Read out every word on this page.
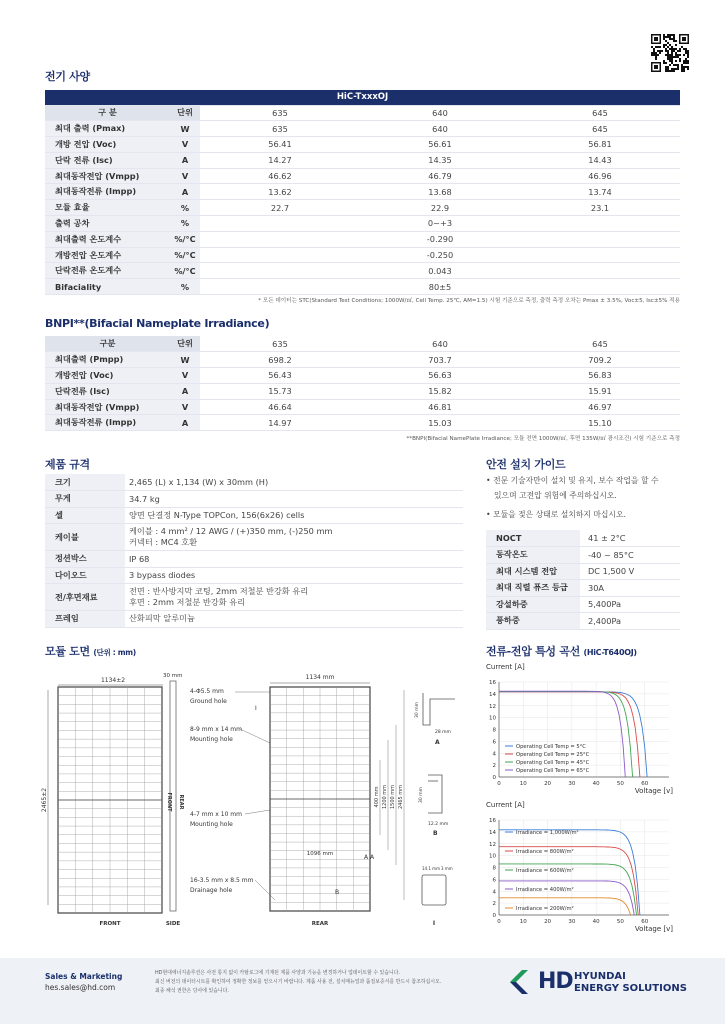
전기 사양
HiC-TxxxOJ				
구 분	단위	635	640	645
최대 출력 (Pmax)	W	635	640	645
개방 전압 (Voc)	V	56.41	56.61	56.81
단락 전류 (Isc)	A	14.27	14.35	14.43
최대동작전압 (Vmpp)	V	46.62	46.79	46.96
최대동작전류 (Impp)	A	13.62	13.68	13.74
모듈 효율	%	22.7	22.9	23.1
출력 공차	%	0~+3		
최대출력 온도계수	%/°C	-0.290		
개방전압 온도계수	%/°C	-0.250		
단락전류 온도계수	%/°C	0.043		
Bifaciality	%	80±5		
* 모든 데이터는 STC(Standard Test Conditions; 1000W/㎡, Cell Temp. 25℃, AM=1.5) 시험 기준으로 측정, 출력 측정 오차는 Pmax ± 3.5%, Voc±5, Isc±5% 적용
BNPI**(Bifacial Nameplate Irradiance)
구분	단위	635	640	645
최대출력 (Pmpp)	W	698.2	703.7	709.2
개방전압 (Voc)	V	56.43	56.63	56.83
단락전류 (Isc)	A	15.73	15.82	15.91
최대동작전압 (Vmpp)	V	46.64	46.81	46.97
최대동작전류 (Impp)	A	14.97	15.03	15.10
**BNPI(Bifacial NamePlate Irradiance; 모듈 전면 1000W/㎡, 후면 135W/㎡ 광시조건) 시험 기준으로 측정
제품 규격
크기	2,465 (L) x 1,134 (W) x 30mm (H)

무게	34.7 kg

셀	양면 단결정 N-Type TOPCon, 156(6x26) cells

케이블	케이블 : 4 mm² / 12 AWG / (+)350 mm, (-)250 mm
커넥터 : MC4 호환

정션박스	IP 68

다이오드	3 bypass diodes

전/후면재료	전면 : 반사방지막 코팅, 2mm 저철분 반강화 유리
후면 : 2mm 저철분 반강화 유리

프레임	산화피막 알루미늄
안전 설치 가이드
• 전문 기술자만이 설치 및 유지, 보수 작업을 할 수
있으며 고전압 위험에 주의하십시오.
• 모듈을 젖은 상태로 설치하지 마십시오.
NOCT	41 ± 2°C
동작온도	-40 ~ 85°C
최대 시스템 전압	DC 1,500 V
최대 직렬 퓨즈 등급	30A
강설하중	5,400Pa
풍하중	2,400Pa
모듈 도면 (단위 : mm)
1134±2
2465±2
FRONT
30 mm
FRONT REAR
SIDE
1134 mm
REAR
1096 mm
I
A A
B
4-Φ5.5 mm
Ground hole
8-9 mm x 14 mm
Mounting hole
4-7 mm x 10 mm
Mounting hole
16-3.5 mm x 8.5 mm
Drainage hole
400 mm 1200 mm 1500 mm 2465 mm
30 mm
28 mm
A
30 mm
12.2 mm
B
14.1 mm 3 mm
I
전류-전압 특성 곡선 (HiC-T640OJ)
Current [A]
0
2
4
6
8
10
12
14
16
0	10	20	30	40	50	60
Voltage [v]
Operating Cell Temp = 5°C
Operating Cell Temp = 25°C
Operating Cell Temp = 45°C
Operating Cell Temp = 65°C
Current [A]
0
2
4
6
8
10
12
14
16
0	10	20	30	40	50	60
Voltage [v]
Irradiance = 1,000W/m²
Irradiance = 800W/m²
Irradiance = 600W/m²
Irradiance = 400W/m²
Irradiance = 200W/m²
Sales & Marketing
hes.sales@hd.com
HD현대에너지솔루션은 사전 통지 없이 카탈로그에 기재된 제품 사양과 기능을 변경하거나 업데이트할 수 있습니다.
최신 버전의 데이터시트를 확인하여 정확한 정보를 얻으시기 바랍니다. 제품 사용 전, 설치매뉴얼과 품질보증서를 반드시 참조하십시오.
최종 해석 권한은 당사에 있습니다.	HD HYUNDAI
ENERGY SOLUTIONS
